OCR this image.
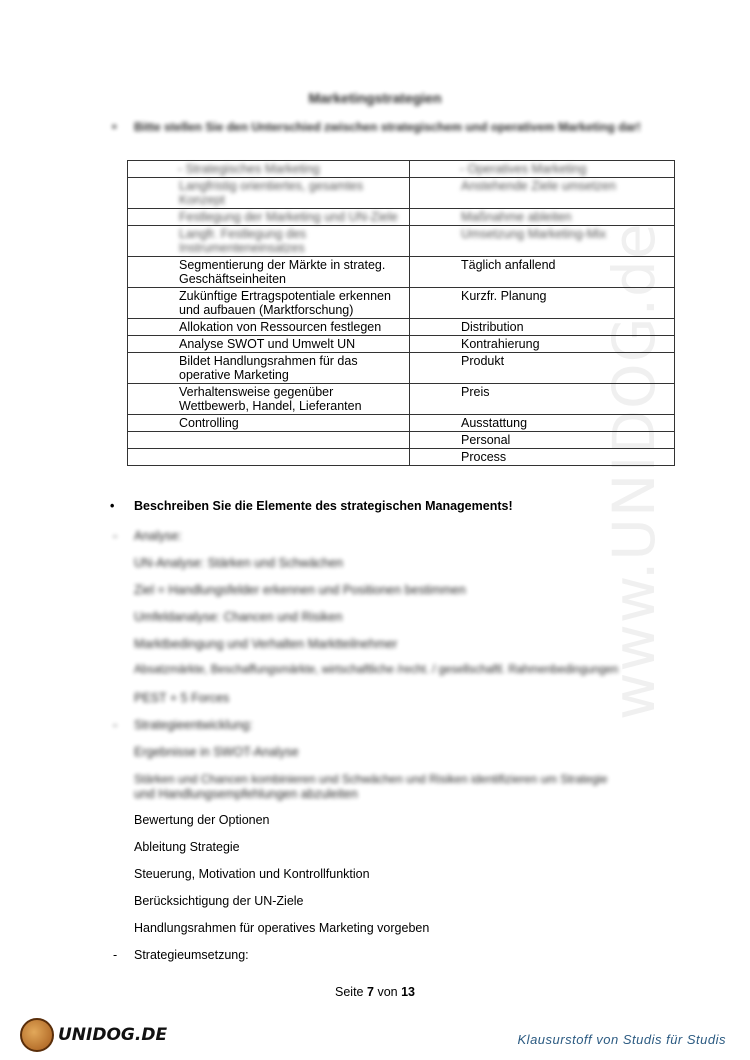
www.UNIDOG.de
Marketingstrategien
• Bitte stellen Sie den Unterschied zwischen strategischem und operativem Marketing dar!
- Strategisches Marketing	- Operatives Marketing
Langfristig orientiertes, gesamtes Konzept	Anstehende Ziele umsetzen
Festlegung der Marketing und UN-Ziele	Maßnahme ableiten
Langfr. Festlegung des Instrumenteneinsatzes	Umsetzung Marketing-Mix
Segmentierung der Märkte in strateg. Geschäftseinheiten	Täglich anfallend
Zukünftige Ertragspotentiale erkennen und aufbauen (Marktforschung)	Kurzfr. Planung
Allokation von Ressourcen festlegen	Distribution
Analyse SWOT und Umwelt UN	Kontrahierung
Bildet Handlungsrahmen für das operative Marketing	Produkt
Verhaltensweise gegenüber Wettbewerb, Handel, Lieferanten	Preis
Controlling	Ausstattung
	Personal
	Process
• Beschreiben Sie die Elemente des strategischen Managements!
- Analyse:
UN-Analyse: Stärken und Schwächen
Ziel = Handlungsfelder erkennen und Positionen bestimmen
Umfeldanalyse: Chancen und Risiken
Marktbedingung und Verhalten Marktteilnehmer
Absatzmärkte, Beschaffungsmärkte, wirtschaftliche /recht. / gesellschaftl. Rahmenbedingungen
PEST + 5 Forces
- Strategieentwicklung:
Ergebnisse in SWOT-Analyse
Stärken und Chancen kombinieren und Schwächen und Risiken identifizieren um Strategie
und Handlungsempfehlungen abzuleiten
Bewertung der Optionen
Ableitung Strategie
Steuerung, Motivation und Kontrollfunktion
Berücksichtigung der UN-Ziele
Handlungsrahmen für operatives Marketing vorgeben
- Strategieumsetzung:
Seite 7 von 13
UNIDOG.DE	Klausurstoff von Studis für Studis
